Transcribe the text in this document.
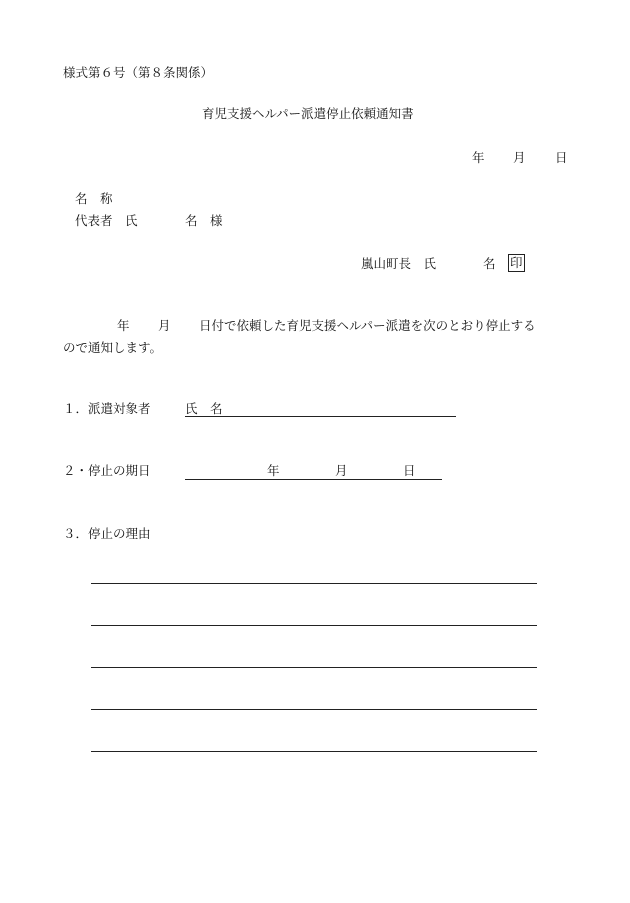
様式第６号（第８条関係）
育児支援ヘルパー派遣停止依頼通知書
年 月 日
名　称
代表者　氏	名　様
嵐山町長　氏	名 印
年 月 日付で依頼した育児支援ヘルパー派遣を次のとおり停止する
ので通知します。
１．派遣対象者	氏　名
２・停止の期日	年	月	日
３．停止の理由
